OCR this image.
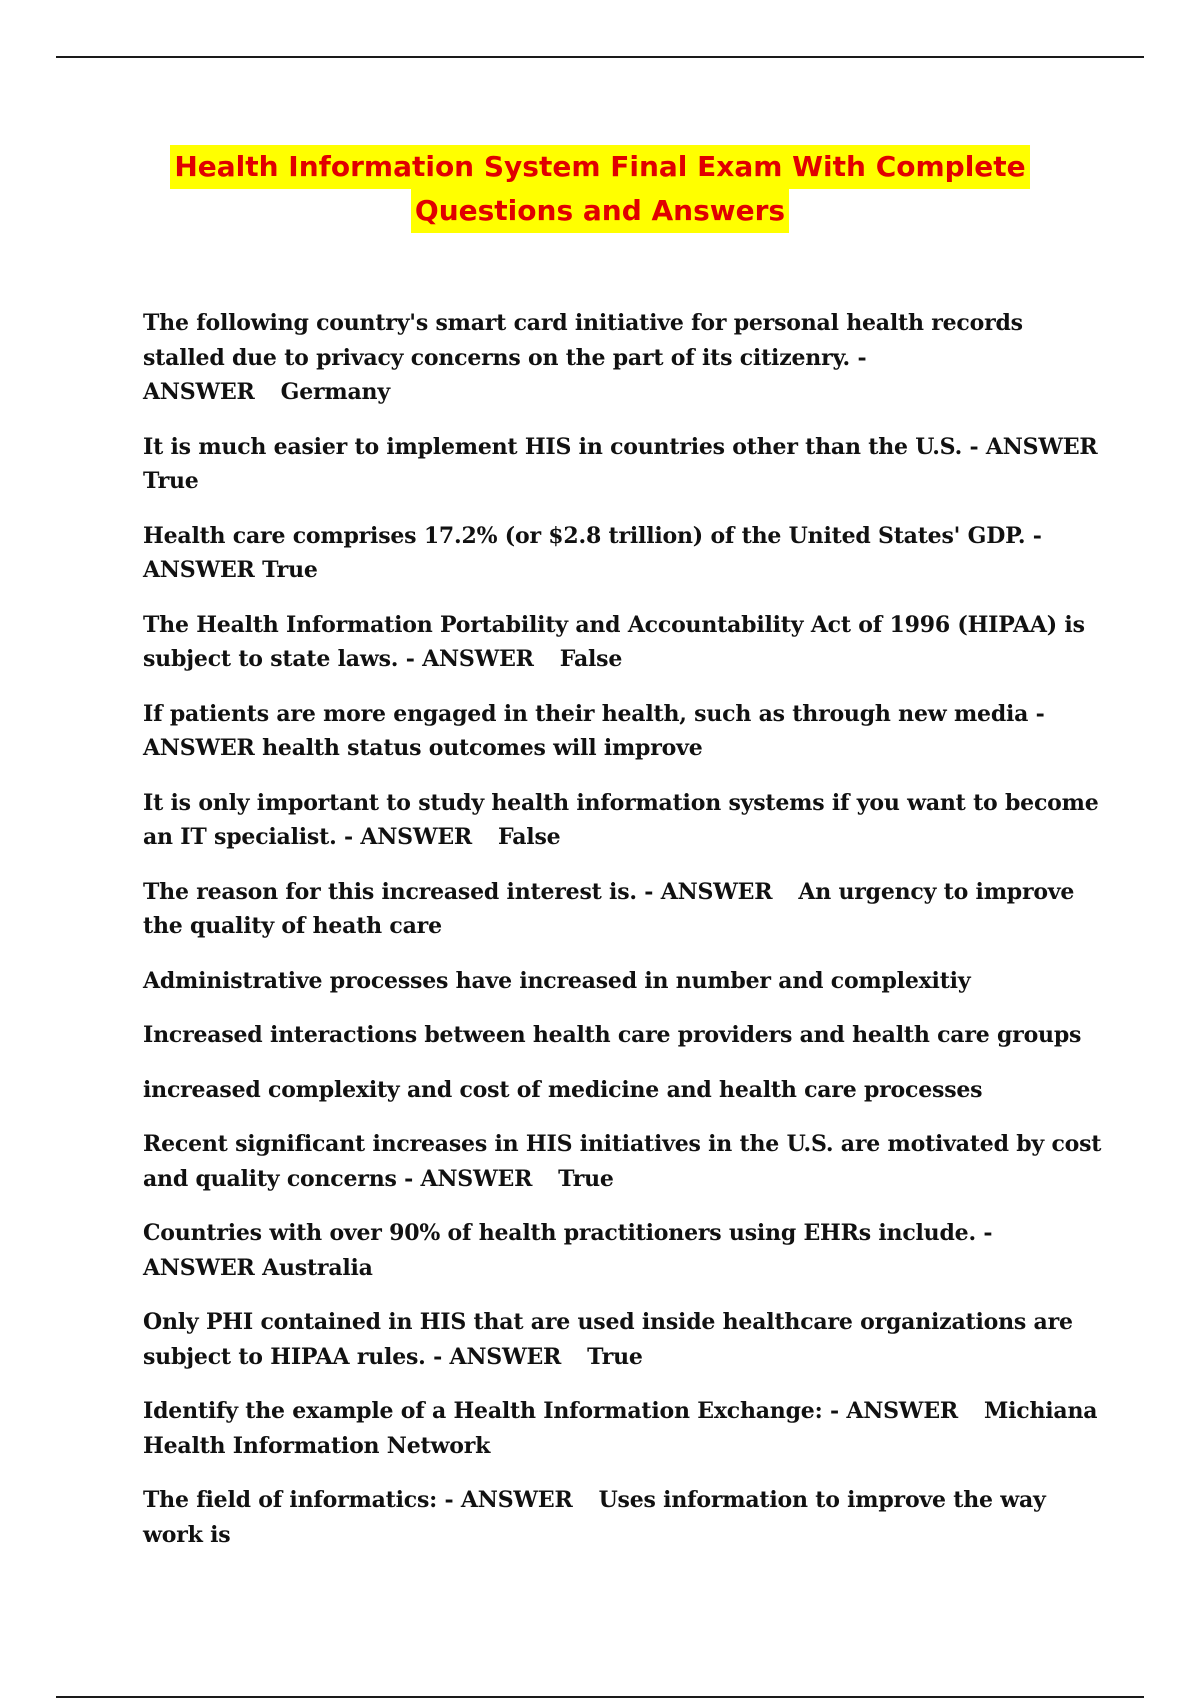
Health Information System Final Exam With Complete
Questions and Answers
The following country's smart card initiative for personal health records stalled due to privacy concerns on the part of its citizenry. - ANSWER Germany
It is much easier to implement HIS in countries other than the U.S. - ANSWER True
Health care comprises 17.2% (or $2.8 trillion) of the United States' GDP. - ANSWER True
The Health Information Portability and Accountability Act of 1996 (HIPAA) is subject to state laws. - ANSWER False
If patients are more engaged in their health, such as through new media - ANSWER health status outcomes will improve
It is only important to study health information systems if you want to become an IT specialist. - ANSWER False
The reason for this increased interest is. - ANSWER An urgency to improve the quality of heath care
Administrative processes have increased in number and complexitiy
Increased interactions between health care providers and health care groups
increased complexity and cost of medicine and health care processes
Recent significant increases in HIS initiatives in the U.S. are motivated by cost and quality concerns - ANSWER True
Countries with over 90% of health practitioners using EHRs include. - ANSWER Australia
Only PHI contained in HIS that are used inside healthcare organizations are subject to HIPAA rules. - ANSWER True
Identify the example of a Health Information Exchange: - ANSWER Michiana Health Information Network
The field of informatics: - ANSWER Uses information to improve the way work is
